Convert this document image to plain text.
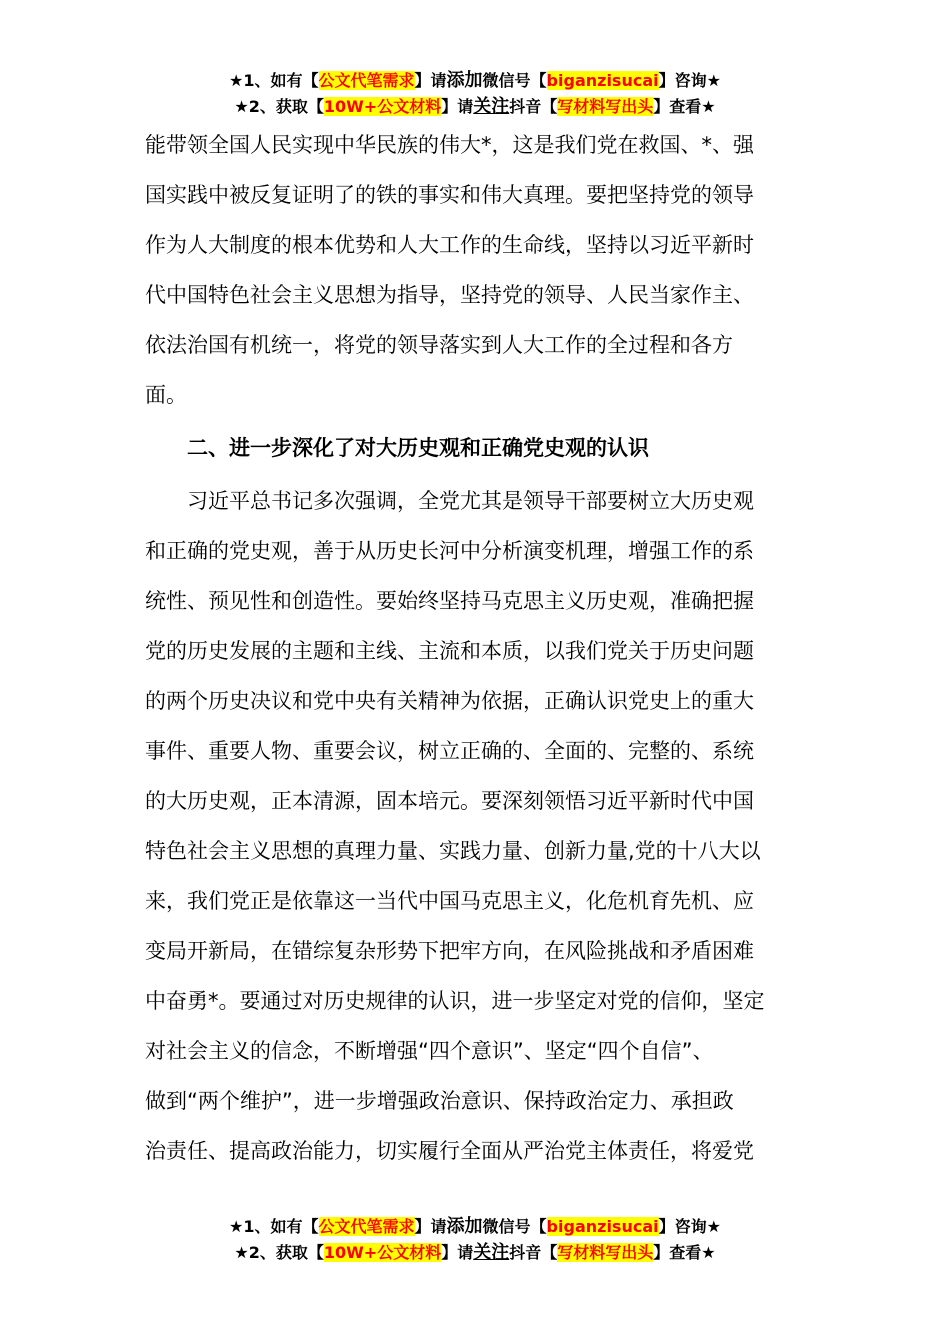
★1、如有【公文代笔需求】请添加微信号【biganzisucai】咨询★
★2、获取【10W+公文材料】请关注抖音【写材料写出头】查看★
能带领全国人民实现中华民族的伟大*，这是我们党在救国、*、强
国实践中被反复证明了的铁的事实和伟大真理。要把坚持党的领导
作为人大制度的根本优势和人大工作的生命线，坚持以习近平新时
代中国特色社会主义思想为指导，坚持党的领导、人民当家作主、
依法治国有机统一，将党的领导落实到人大工作的全过程和各方
面。
二、进一步深化了对大历史观和正确党史观的认识
习近平总书记多次强调，全党尤其是领导干部要树立大历史观
和正确的党史观，善于从历史长河中分析演变机理，增强工作的系
统性、预见性和创造性。要始终坚持马克思主义历史观，准确把握
党的历史发展的主题和主线、主流和本质，以我们党关于历史问题
的两个历史决议和党中央有关精神为依据，正确认识党史上的重大
事件、重要人物、重要会议，树立正确的、全面的、完整的、系统
的大历史观，正本清源，固本培元。要深刻领悟习近平新时代中国
特色社会主义思想的真理力量、实践力量、创新力量,党的十八大以
来，我们党正是依靠这一当代中国马克思主义，化危机育先机、应
变局开新局，在错综复杂形势下把牢方向，在风险挑战和矛盾困难
中奋勇*。要通过对历史规律的认识，进一步坚定对党的信仰，坚定
对社会主义的信念，不断增强“四个意识”、坚定“四个自信”、
做到“两个维护”，进一步增强政治意识、保持政治定力、承担政
治责任、提高政治能力，切实履行全面从严治党主体责任，将爱党
★1、如有【公文代笔需求】请添加微信号【biganzisucai】咨询★
★2、获取【10W+公文材料】请关注抖音【写材料写出头】查看★
